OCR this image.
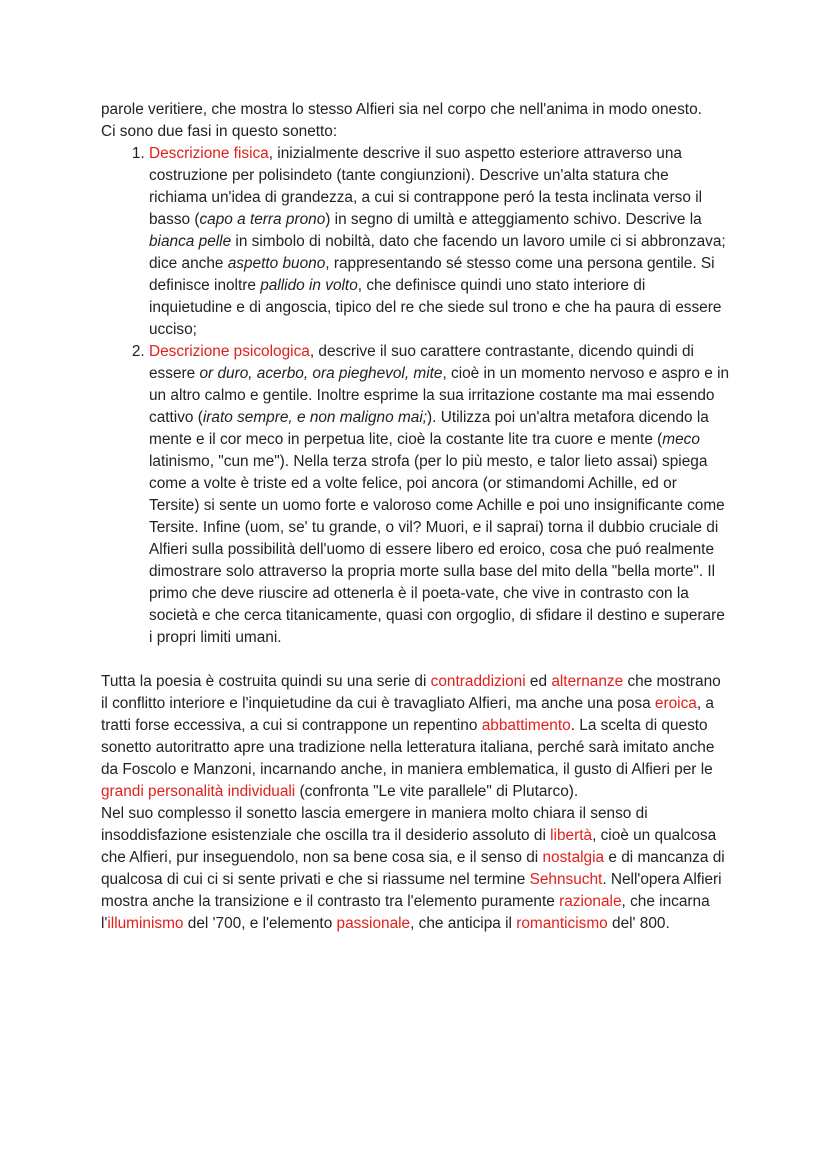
parole veritiere, che mostra lo stesso Alfieri sia nel corpo che nell'anima in modo onesto.

Ci sono due fasi in questo sonetto:

1. Descrizione fisica, inizialmente descrive il suo aspetto esteriore attraverso una costruzione per polisindeto (tante congiunzioni). Descrive un'alta statura che richiama un'idea di grandezza, a cui si contrappone peró la testa inclinata verso il basso (capo a terra prono) in segno di umiltà e atteggiamento schivo. Descrive la bianca pelle in simbolo di nobiltà, dato che facendo un lavoro umile ci si abbronzava; dice anche aspetto buono, rappresentando sé stesso come una persona gentile. Si definisce inoltre pallido in volto, che definisce quindi uno stato interiore di inquietudine e di angoscia, tipico del re che siede sul trono e che ha paura di essere ucciso;
2. Descrizione psicologica, descrive il suo carattere contrastante, dicendo quindi di essere or duro, acerbo, ora pieghevol, mite, cioè in un momento nervoso e aspro e in un altro calmo e gentile. Inoltre esprime la sua irritazione costante ma mai essendo cattivo (irato sempre, e non maligno mai;). Utilizza poi un'altra metafora dicendo la mente e il cor meco in perpetua lite, cioè la costante lite tra cuore e mente (meco latinismo, "cun me"). Nella terza strofa (per lo più mesto, e talor lieto assai) spiega come a volte è triste ed a volte felice, poi ancora (or stimandomi Achille, ed or Tersite) si sente un uomo forte e valoroso come Achille e poi uno insignificante come Tersite. Infine (uom, se' tu grande, o vil? Muori, e il saprai) torna il dubbio cruciale di Alfieri sulla possibilità dell'uomo di essere libero ed eroico, cosa che puó realmente dimostrare solo attraverso la propria morte sulla base del mito della "bella morte". Il primo che deve riuscire ad ottenerla è il poeta-vate, che vive in contrasto con la società e che cerca titanicamente, quasi con orgoglio, di sfidare il destino e superare i propri limiti umani.

Tutta la poesia è costruita quindi su una serie di contraddizioni ed alternanze che mostrano il conflitto interiore e l'inquietudine da cui è travagliato Alfieri, ma anche una posa eroica, a tratti forse eccessiva, a cui si contrappone un repentino abbattimento. La scelta di questo sonetto autoritratto apre una tradizione nella letteratura italiana, perché sarà imitato anche da Foscolo e Manzoni, incarnando anche, in maniera emblematica, il gusto di Alfieri per le grandi personalità individuali (confronta "Le vite parallele" di Plutarco).

Nel suo complesso il sonetto lascia emergere in maniera molto chiara il senso di insoddisfazione esistenziale che oscilla tra il desiderio assoluto di libertà, cioè un qualcosa che Alfieri, pur inseguendolo, non sa bene cosa sia, e il senso di nostalgia e di mancanza di qualcosa di cui ci si sente privati e che si riassume nel termine Sehnsucht. Nell'opera Alfieri mostra anche la transizione e il contrasto tra l'elemento puramente razionale, che incarna l'illuminismo del '700, e l'elemento passionale, che anticipa il romanticismo del' 800.
